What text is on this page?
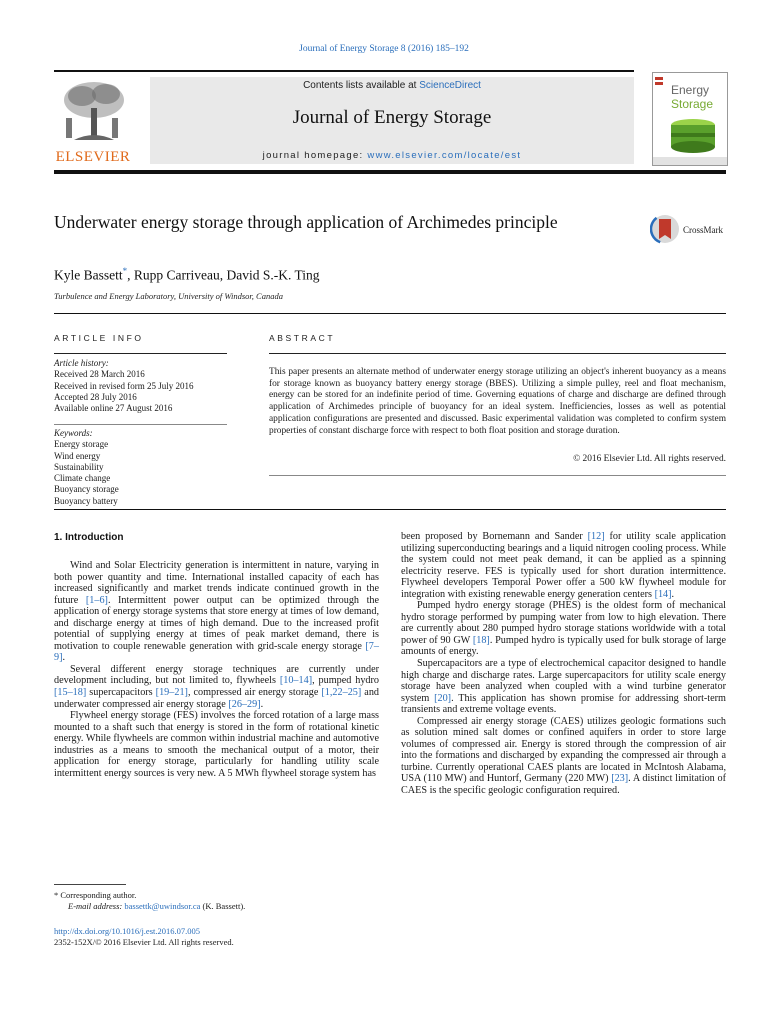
Journal of Energy Storage 8 (2016) 185–192
ELSEVIER
Contents lists available at ScienceDirect
Journal of Energy Storage
journal homepage: www.elsevier.com/locate/est
Energy
Storage
Underwater energy storage through application of Archimedes principle	CrossMark
Kyle Bassett*, Rupp Carriveau, David S.-K. Ting
Turbulence and Energy Laboratory, University of Windsor, Canada
ARTICLE INFO	ABSTRACT
Article history:
Received 28 March 2016
Received in revised form 25 July 2016
Accepted 28 July 2016
Available online 27 August 2016
Keywords:
Energy storage
Wind energy
Sustainability
Climate change
Buoyancy storage
Buoyancy battery
This paper presents an alternate method of underwater energy storage utilizing an object's inherent buoyancy as a means for storage known as buoyancy battery energy storage (BBES). Utilizing a simple pulley, reel and float mechanism, energy can be stored for an indefinite period of time. Governing equations of charge and discharge are defined through application of Archimedes principle of buoyancy for an ideal system. Inefficiencies, losses as well as potential application configurations are presented and discussed. Basic experimental validation was completed to confirm system properties of constant discharge force with respect to both float position and storage duration.
© 2016 Elsevier Ltd. All rights reserved.
1. Introduction

Wind and Solar Electricity generation is intermittent in nature, varying in both power quantity and time. International installed capacity of each has increased significantly and market trends indicate continued growth in the future [1–6]. Intermittent power output can be optimized through the application of energy storage systems that store energy at times of low demand, and discharge energy at times of high demand. Due to the increased profit potential of supplying energy at times of peak market demand, there is motivation to couple renewable generation with grid-scale energy storage [7–9].

Several different energy storage techniques are currently under development including, but not limited to, flywheels [10–14], pumped hydro [15–18] supercapacitors [19–21], compressed air energy storage [1,22–25] and underwater compressed air energy storage [26–29].

Flywheel energy storage (FES) involves the forced rotation of a large mass mounted to a shaft such that energy is stored in the form of rotational kinetic energy. While flywheels are common within industrial machine and automotive industries as a means to smooth the mechanical output of a motor, their application for energy storage, particularly for handling utility scale intermittent energy sources is very new. A 5 MWh flywheel storage system has

been proposed by Bornemann and Sander [12] for utility scale application utilizing superconducting bearings and a liquid nitrogen cooling process. While the system could not meet peak demand, it can be applied as a spinning electricity reserve. FES is typically used for short duration intermittence. Flywheel developers Temporal Power offer a 500 kW flywheel module for integration with existing renewable energy generation centers [14].

Pumped hydro energy storage (PHES) is the oldest form of mechanical hydro storage performed by pumping water from low to high elevation. There are currently about 280 pumped hydro storage stations worldwide with a total power of 90 GW [18]. Pumped hydro is typically used for bulk storage of large amounts of energy.

Supercapacitors are a type of electrochemical capacitor designed to handle high charge and discharge rates. Large supercapacitors for utility scale energy storage have been analyzed when coupled with a wind turbine generator system [20]. This application has shown promise for addressing short-term transients and extreme voltage events.

Compressed air energy storage (CAES) utilizes geologic formations such as solution mined salt domes or confined aquifers in order to store large volumes of compressed air. Energy is stored through the compression of air into the formations and discharged by expanding the compressed air through a turbine. Currently operational CAES plants are located in McIntosh Alabama, USA (110 MW) and Huntorf, Germany (220 MW) [23]. A distinct limitation of CAES is the specific geologic configuration required.

* Corresponding author.
E-mail address: bassettk@uwindsor.ca (K. Bassett).
http://dx.doi.org/10.1016/j.est.2016.07.005
2352-152X/© 2016 Elsevier Ltd. All rights reserved.
